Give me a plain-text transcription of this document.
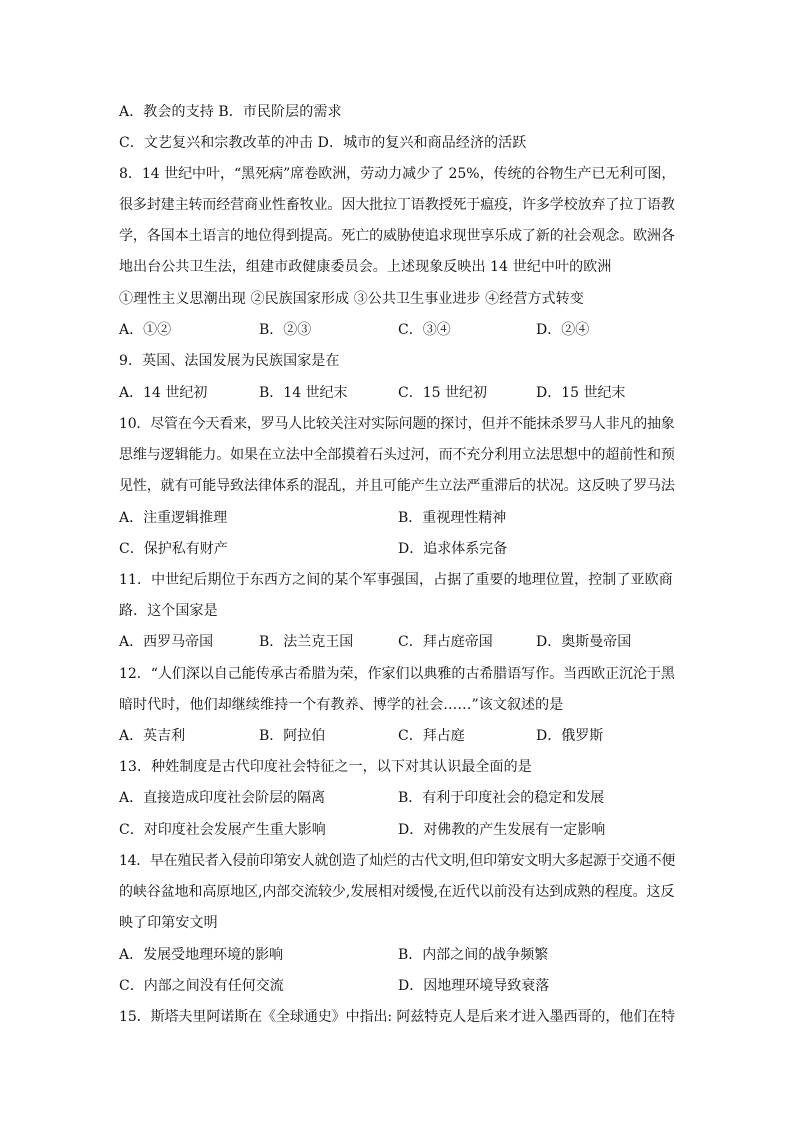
A．教会的支持 B．市民阶层的需求
C．文艺复兴和宗教改革的冲击 D．城市的复兴和商品经济的活跃
8．14 世纪中叶，“黑死病”席卷欧洲，劳动力减少了 25%，传统的谷物生产已无利可图，
很多封建主转而经营商业性畜牧业。因大批拉丁语教授死于瘟疫，许多学校放弃了拉丁语教
学，各国本土语言的地位得到提高。死亡的威胁使追求现世享乐成了新的社会观念。欧洲各
地出台公共卫生法，组建市政健康委员会。上述现象反映出 14 世纪中叶的欧洲
①理性主义思潮出现 ②民族国家形成 ③公共卫生事业进步 ④经营方式转变
A．①②	B．②③	C．③④	D．②④
9．英国、法国发展为民族国家是在
A．14 世纪初	B．14 世纪末	C．15 世纪初	D．15 世纪末
10．尽管在今天看来，罗马人比较关注对实际问题的探讨，但并不能抹杀罗马人非凡的抽象
思维与逻辑能力。如果在立法中全部摸着石头过河，而不充分利用立法思想中的超前性和预
见性，就有可能导致法律体系的混乱，并且可能产生立法严重滞后的状况。这反映了罗马法
A．注重逻辑推理	B．重视理性精神
C．保护私有财产	D．追求体系完备
11．中世纪后期位于东西方之间的某个军事强国，占据了重要的地理位置，控制了亚欧商
路．这个国家是
A．西罗马帝国	B．法兰克王国	C．拜占庭帝国	D．奥斯曼帝国
12．“人们深以自己能传承古希腊为荣，作家们以典雅的古希腊语写作。当西欧正沉沦于黑
暗时代时，他们却继续维持一个有教养、博学的社会……”该文叙述的是
A．英吉利	B．阿拉伯	C．拜占庭	D．俄罗斯
13．种姓制度是古代印度社会特征之一，以下对其认识最全面的是
A．直接造成印度社会阶层的隔离	B．有利于印度社会的稳定和发展
C．对印度社会发展产生重大影响	D．对佛教的产生发展有一定影响
14．早在殖民者入侵前印第安人就创造了灿烂的古代文明,但印第安文明大多起源于交通不便
的峡谷盆地和高原地区,内部交流较少,发展相对缓慢,在近代以前没有达到成熟的程度。这反
映了印第安文明
A．发展受地理环境的影响	B．内部之间的战争频繁
C．内部之间没有任何交流	D．因地理环境导致衰落
15．斯塔夫里阿诺斯在《全球通史》中指出: 阿兹特克人是后来才进入墨西哥的，他们在特
